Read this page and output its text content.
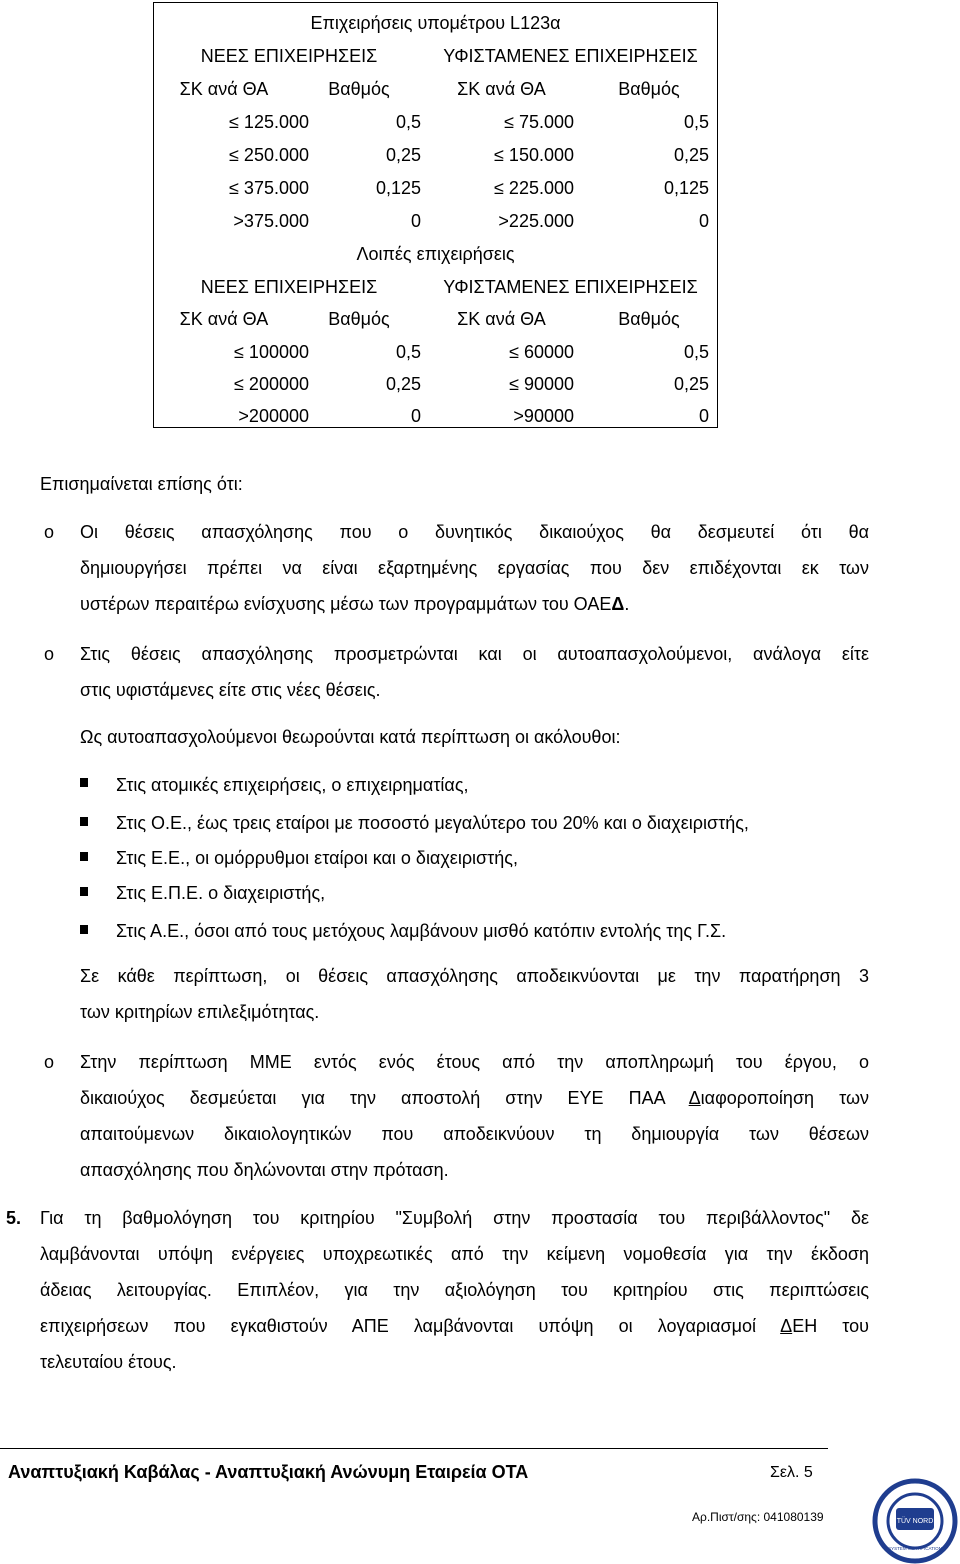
Επιχειρήσεις υπομέτρου L123α
ΝΕΕΣ ΕΠΙΧΕΙΡΗΣΕΙΣ	ΥΦΙΣΤΑΜΕΝΕΣ ΕΠΙΧΕΙΡΗΣΕΙΣ
ΣΚ ανά ΘΑ	Βαθμός	ΣΚ ανά ΘΑ	Βαθμός
≤ 125.000	0,5	≤ 75.000	0,5
≤ 250.000	0,25	≤ 150.000	0,25
≤ 375.000	0,125	≤ 225.000	0,125
>375.000	0	>225.000	0
Λοιπές επιχειρήσεις
ΝΕΕΣ ΕΠΙΧΕΙΡΗΣΕΙΣ	ΥΦΙΣΤΑΜΕΝΕΣ ΕΠΙΧΕΙΡΗΣΕΙΣ
ΣΚ ανά ΘΑ	Βαθμός	ΣΚ ανά ΘΑ	Βαθμός
≤ 100000	0,5	≤ 60000	0,5
≤ 200000	0,25	≤ 90000	0,25
>200000	0	>90000	0
Επισημαίνεται επίσης ότι:
o Οι θέσεις απασχόλησης που ο δυνητικός δικαιούχος θα δεσμευτεί ότι θα
δημιουργήσει πρέπει να είναι εξαρτημένης εργασίας που δεν επιδέχονται εκ των
υστέρων περαιτέρω ενίσχυσης μέσω των προγραμμάτων του ΟΑΕΔ.
o Στις θέσεις απασχόλησης προσμετρώνται και οι αυτοαπασχολούμενοι, ανάλογα είτε
στις υφιστάμενες είτε στις νέες θέσεις.
Ως αυτοαπασχολούμενοι θεωρούνται κατά περίπτωση οι ακόλουθοι:
Στις ατομικές επιχειρήσεις, ο επιχειρηματίας,
Στις Ο.Ε., έως τρεις εταίροι με ποσοστό μεγαλύτερο του 20% και ο διαχειριστής,
Στις Ε.Ε., οι ομόρρυθμοι εταίροι και ο διαχειριστής,
Στις Ε.Π.Ε. ο διαχειριστής,
Στις Α.Ε., όσοι από τους μετόχους λαμβάνουν μισθό κατόπιν εντολής της Γ.Σ.
Σε κάθε περίπτωση, οι θέσεις απασχόλησης αποδεικνύονται με την παρατήρηση 3
των κριτηρίων επιλεξιμότητας.
o Στην περίπτωση ΜΜΕ εντός ενός έτους από την αποπληρωμή του έργου, ο
δικαιούχος δεσμεύεται για την αποστολή στην ΕΥΕ ΠΑΑ Διαφοροποίηση των
απαιτούμενων δικαιολογητικών που αποδεικνύουν τη δημιουργία των θέσεων
απασχόλησης που δηλώνονται στην πρόταση.
5. Για τη βαθμολόγηση του κριτηρίου "Συμβολή στην προστασία του περιβάλλοντος" δε
λαμβάνονται υπόψη ενέργειες υποχρεωτικές από την κείμενη νομοθεσία για την έκδοση
άδειας λειτουργίας. Επιπλέον, για την αξιολόγηση του κριτηρίου στις περιπτώσεις
επιχειρήσεων που εγκαθιστούν ΑΠΕ λαμβάνονται υπόψη οι λογαριασμοί ΔΕΗ του
τελευταίου έτους.
Αναπτυξιακή Καβάλας - Αναπτυξιακή Ανώνυμη Εταιρεία ΟΤΑ	Σελ. 5
Αρ.Πιστ/σης: 041080139	TÜV NORD
SYSTEM CERTIFICATION
